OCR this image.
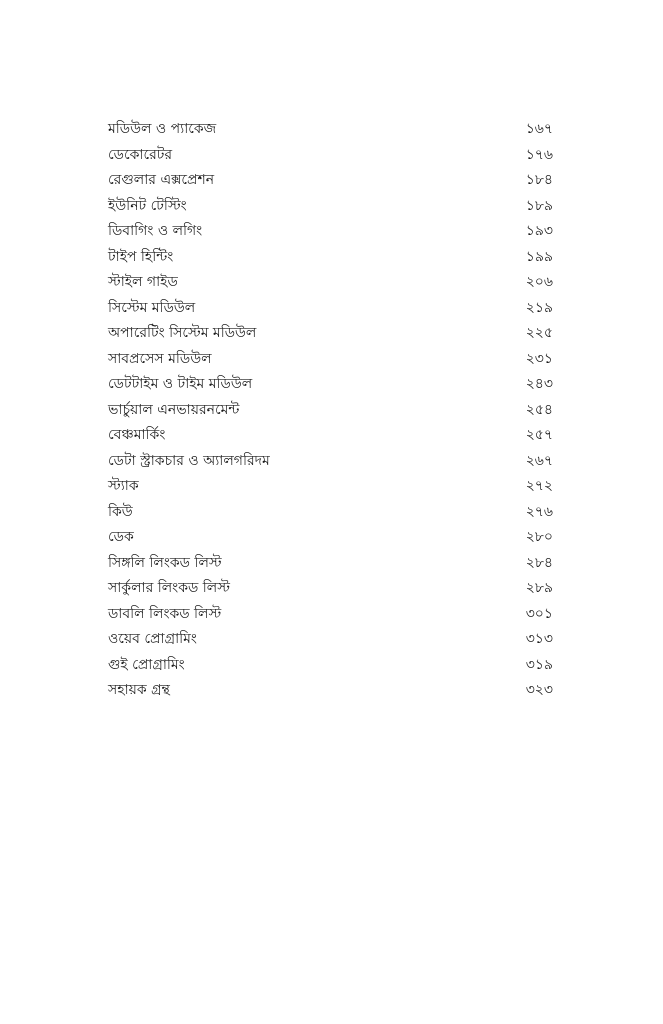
মডিউল ও প্যাকেজ	১৬৭
ডেকোরেটর	১৭৬
রেগুলার এক্সপ্রেশন	১৮৪
ইউনিট টেস্টিং	১৮৯
ডিবাগিং ও লগিং	১৯৩
টাইপ হিন্টিং	১৯৯
স্টাইল গাইড	২০৬
সিস্টেম মডিউল	২১৯
অপারেটিং সিস্টেম মডিউল	২২৫
সাবপ্রসেস মডিউল	২৩১
ডেটটাইম ও টাইম মডিউল	২৪৩
ভার্চুয়াল এনভায়রনমেন্ট	২৫৪
বেঞ্চমার্কিং	২৫৭
ডেটা স্ট্রাকচার ও অ্যালগরিদম	২৬৭
স্ট্যাক	২৭২
কিউ	২৭৬
ডেক	২৮০
সিঙ্গলি লিংকড লিস্ট	২৮৪
সার্কুলার লিংকড লিস্ট	২৮৯
ডাবলি লিংকড লিস্ট	৩০১
ওয়েব প্রোগ্রামিং	৩১৩
গুই প্রোগ্রামিং	৩১৯
সহায়ক গ্রন্থ	৩২৩
